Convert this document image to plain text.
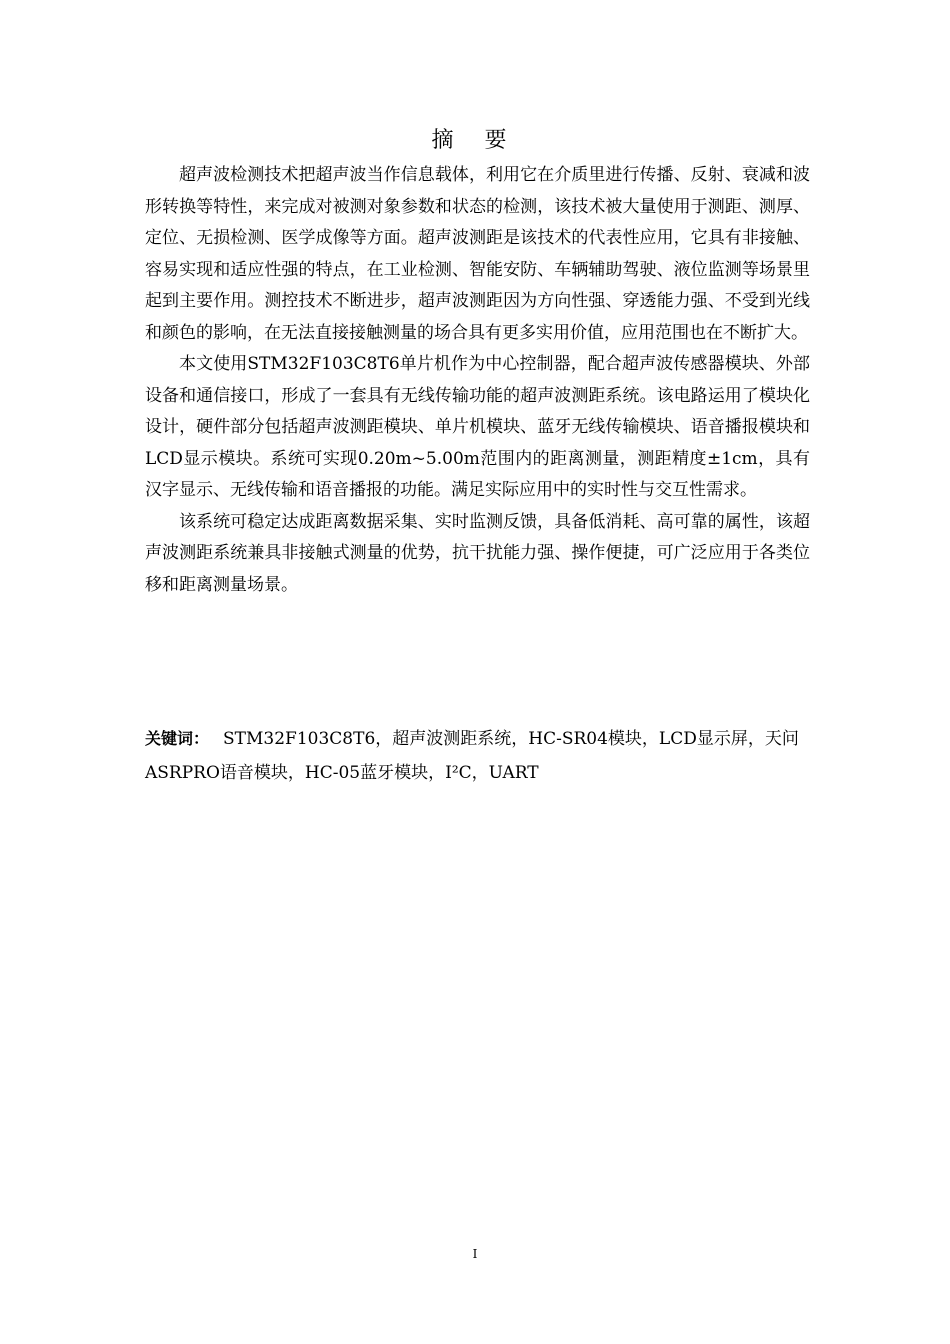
摘 要

超声波检测技术把超声波当作信息载体，利用它在介质里进行传播、反射、衰减和波形转换等特性，来完成对被测对象参数和状态的检测，该技术被大量使用于测距、测厚、定位、无损检测、医学成像等方面。超声波测距是该技术的代表性应用，它具有非接触、容易实现和适应性强的特点，在工业检测、智能安防、车辆辅助驾驶、液位监测等场景里起到主要作用。测控技术不断进步，超声波测距因为方向性强、穿透能力强、不受到光线和颜色的影响，在无法直接接触测量的场合具有更多实用价值，应用范围也在不断扩大。

本文使用STM32F103C8T6单片机作为中心控制器，配合超声波传感器模块、外部设备和通信接口，形成了一套具有无线传输功能的超声波测距系统。该电路运用了模块化设计，硬件部分包括超声波测距模块、单片机模块、蓝牙无线传输模块、语音播报模块和LCD显示模块。系统可实现0.20m~5.00m范围内的距离测量，测距精度±1cm，具有汉字显示、无线传输和语音播报的功能。满足实际应用中的实时性与交互性需求。

该系统可稳定达成距离数据采集、实时监测反馈，具备低消耗、高可靠的属性，该超声波测距系统兼具非接触式测量的优势，抗干扰能力强、操作便捷，可广泛应用于各类位移和距离测量场景。

关键词： STM32F103C8T6，超声波测距系统，HC-SR04模块，LCD显示屏，天问ASRPRO语音模块，HC-05蓝牙模块，I²C，UART
I
